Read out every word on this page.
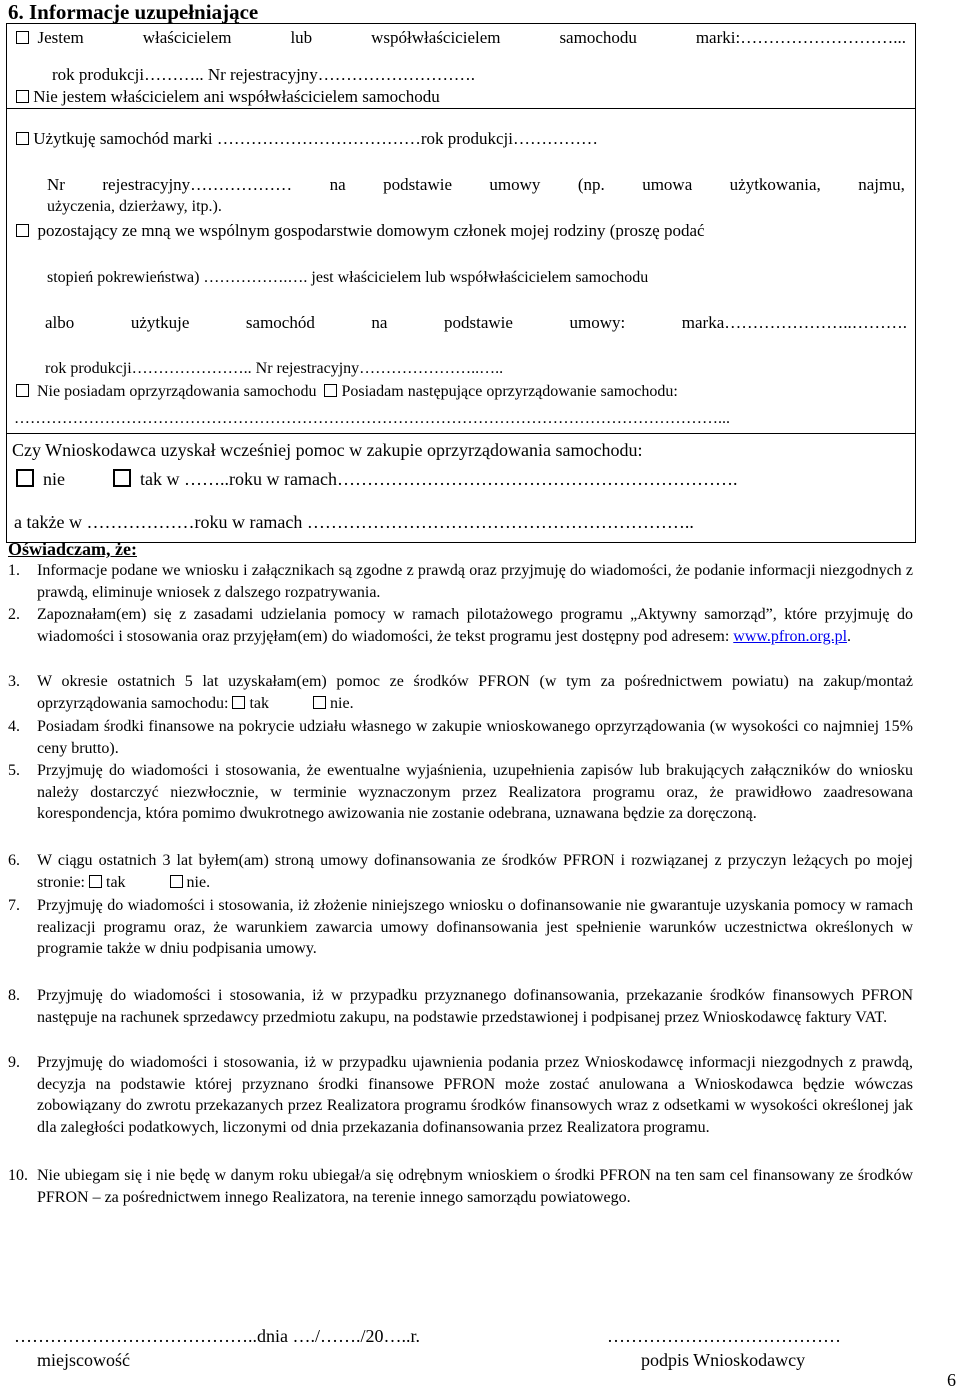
6. Informacje uzupełniające
Jestem	właścicielem	lub	współwłaścicielem	samochodu	marki:………………………...
rok produkcji……….. Nr rejestracyjny……………………….
Nie jestem właścicielem ani współwłaścicielem samochodu
Użytkuję samochód marki ………………………………rok produkcji……………
Nr rejestracyjny……………… na podstawie umowy (np. umowa użytkowania, najmu,
użyczenia, dzierżawy, itp.).
pozostający ze mną we wspólnym gospodarstwie domowym członek mojej rodziny (proszę podać
stopień pokrewieństwa) …………….…. jest właścicielem lub współwłaścicielem samochodu
albo	użytkuje	samochód	na	podstawie	umowy:	marka…………………..……….
rok produkcji………………….. Nr rejestracyjny…………………..…..
Nie posiadam oprzyrządowania samochodu Posiadam następujące oprzyrządowanie samochodu:
……………………………………………………………………………………………………………………...
Czy Wnioskodawca uzyskał wcześniej pomoc w zakupie oprzyrządowania samochodu:
nie	tak w ……..roku w ramach………………………………………………………….
a także w ………………roku w ramach ………………………………………………………..
Oświadczam, że:
1. Informacje podane we wniosku i załącznikach są zgodne z prawdą oraz przyjmuję do wiadomości, że podanie informacji niezgodnych z prawdą, eliminuje wniosek z dalszego rozpatrywania.
2. Zapoznałam(em) się z zasadami udzielania pomocy w ramach pilotażowego programu „Aktywny samorząd”, które przyjmuję do wiadomości i stosowania oraz przyjęłam(em) do wiadomości, że tekst programu jest dostępny pod adresem: www.pfron.org.pl.
3. W okresie ostatnich 5 lat uzyskałam(em) pomoc ze środków PFRON (w tym za pośrednictwem powiatu) na zakup/montaż oprzyrządowania samochodu: tak	nie.
4. Posiadam środki finansowe na pokrycie udziału własnego w zakupie wnioskowanego oprzyrządowania (w wysokości co najmniej 15% ceny brutto).
5. Przyjmuję do wiadomości i stosowania, że ewentualne wyjaśnienia, uzupełnienia zapisów lub brakujących załączników do wniosku należy dostarczyć niezwłocznie, w terminie wyznaczonym przez Realizatora programu oraz, że prawidłowo zaadresowana korespondencja, która pomimo dwukrotnego awizowania nie zostanie odebrana, uznawana będzie za doręczoną.
6. W ciągu ostatnich 3 lat byłem(am) stroną umowy dofinansowania ze środków PFRON i rozwiązanej z przyczyn leżących po mojej stronie: tak	nie.
7. Przyjmuję do wiadomości i stosowania, iż złożenie niniejszego wniosku o dofinansowanie nie gwarantuje uzyskania pomocy w ramach realizacji programu oraz, że warunkiem zawarcia umowy dofinansowania jest spełnienie warunków uczestnictwa określonych w programie także w dniu podpisania umowy.
8. Przyjmuję do wiadomości i stosowania, iż w przypadku przyznanego dofinansowania, przekazanie środków finansowych PFRON następuje na rachunek sprzedawcy przedmiotu zakupu, na podstawie przedstawionej i podpisanej przez Wnioskodawcę faktury VAT.
9. Przyjmuję do wiadomości i stosowania, iż w przypadku ujawnienia podania przez Wnioskodawcę informacji niezgodnych z prawdą, decyzja na podstawie której przyznano środki finansowe PFRON może zostać anulowana a Wnioskodawca będzie wówczas zobowiązany do zwrotu przekazanych przez Realizatora programu środków finansowych wraz z odsetkami w wysokości określonej jak dla zaległości podatkowych, liczonymi od dnia przekazania dofinansowania przez Realizatora programu.
10. Nie ubiegam się i nie będę w danym roku ubiegał/a się odrębnym wnioskiem o środki PFRON na ten sam cel finansowany ze środków PFRON – za pośrednictwem innego Realizatora, na terenie innego samorządu powiatowego.
…………………………………..dnia …./……./20…..r.
miejscowość
…………………………………
podpis Wnioskodawcy
6
